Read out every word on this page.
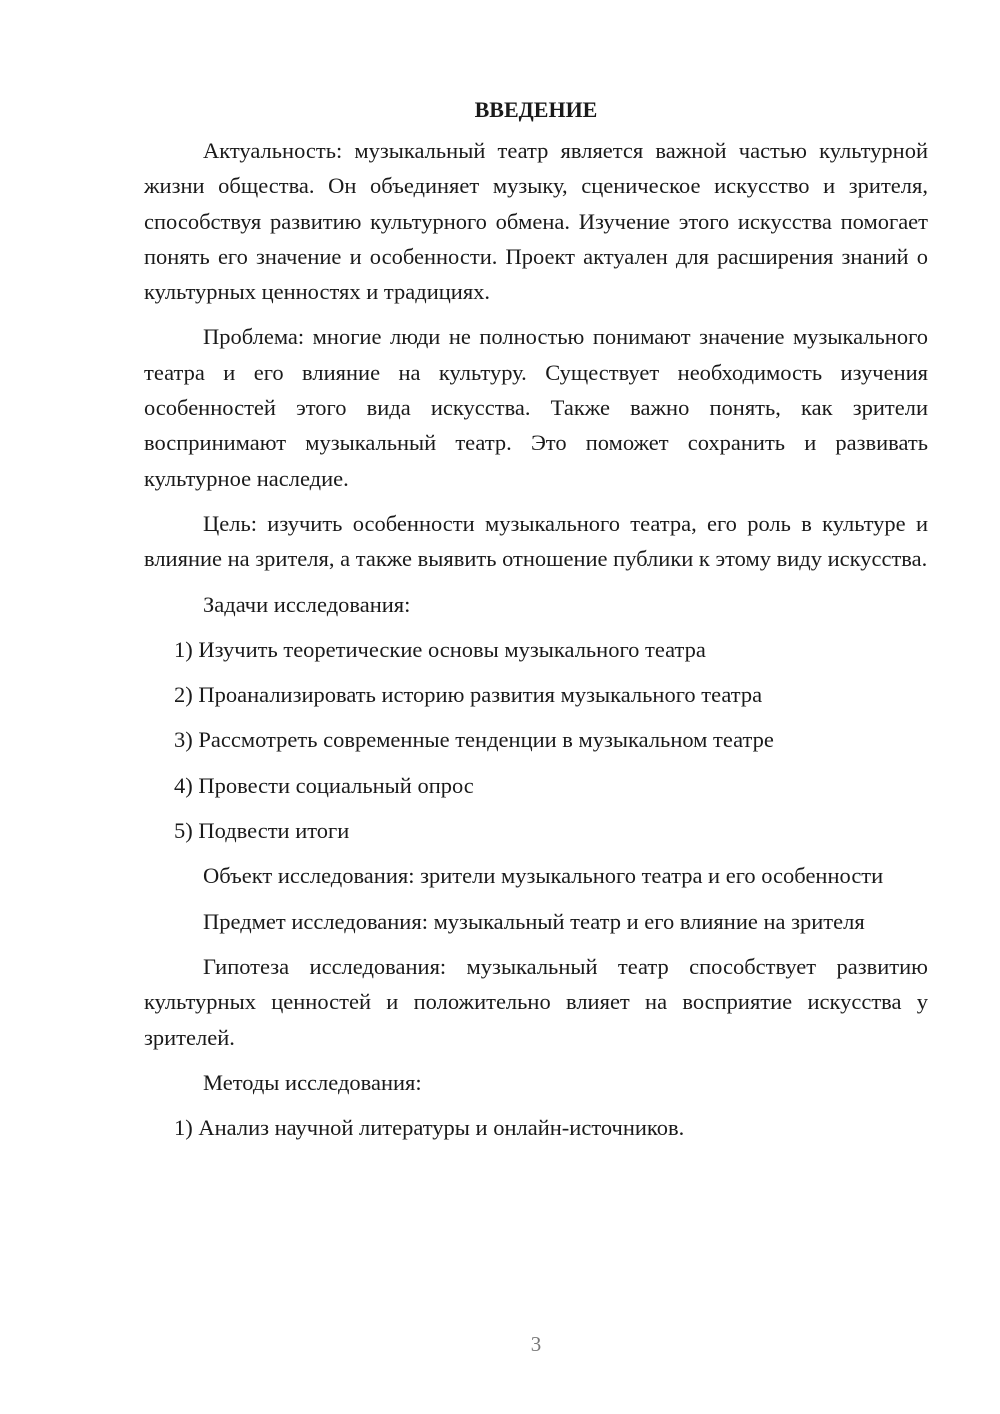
ВВЕДЕНИЕ
Актуальность: музыкальный театр является важной частью культурной жизни общества. Он объединяет музыку, сценическое искусство и зрителя, способствуя развитию культурного обмена. Изучение этого искусства помогает понять его значение и особенности. Проект актуален для расширения знаний о культурных ценностях и традициях.
Проблема: многие люди не полностью понимают значение музыкального театра и его влияние на культуру. Существует необходимость изучения особенностей этого вида искусства. Также важно понять, как зрители воспринимают музыкальный театр. Это поможет сохранить и развивать культурное наследие.
Цель: изучить особенности музыкального театра, его роль в культуре и влияние на зрителя, а также выявить отношение публики к этому виду искусства.
Задачи исследования:
1) Изучить теоретические основы музыкального театра
2) Проанализировать историю развития музыкального театра
3) Рассмотреть современные тенденции в музыкальном театре
4) Провести социальный опрос
5) Подвести итоги
Объект исследования: зрители музыкального театра и его особенности
Предмет исследования: музыкальный театр и его влияние на зрителя
Гипотеза исследования: музыкальный театр способствует развитию культурных ценностей и положительно влияет на восприятие искусства у зрителей.
Методы исследования:
1) Анализ научной литературы и онлайн-источников.
3
